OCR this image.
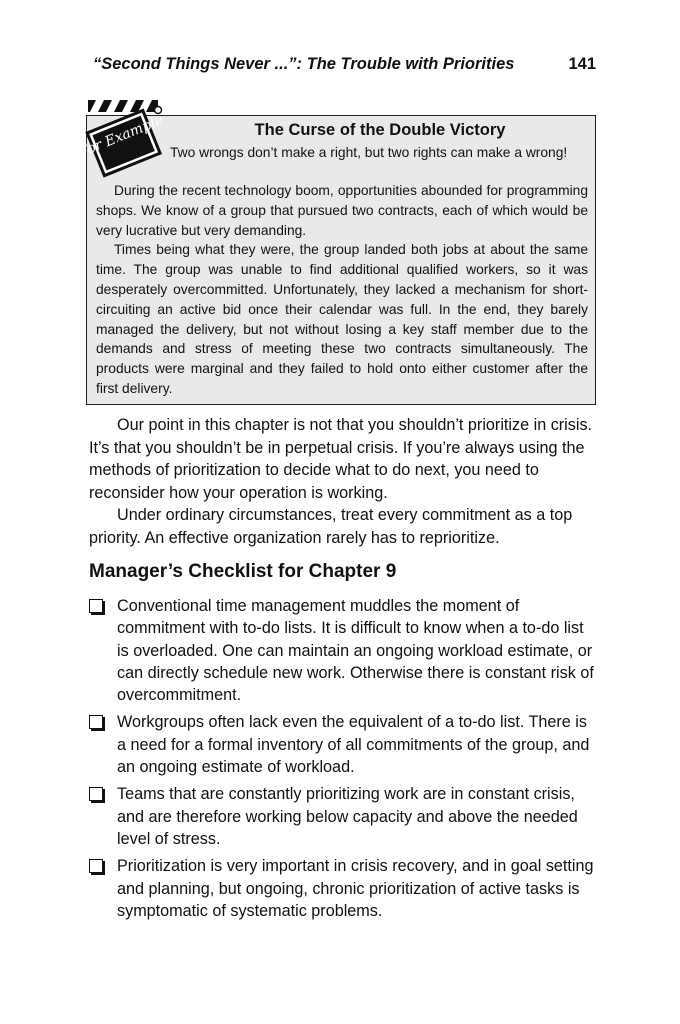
“Second Things Never ...”: The Trouble with Priorities	141
For Example	The Curse of the Double Victory
Two wrongs don’t make a right, but two rights can make a wrong!

During the recent technology boom, opportunities abounded for programming shops. We know of a group that pursued two contracts, each of which would be very lucrative but very demanding.

Times being what they were, the group landed both jobs at about the same time. The group was unable to find additional qualified workers, so it was desperately overcommitted. Unfortunately, they lacked a mechanism for short-circuiting an active bid once their calendar was full. In the end, they barely managed the delivery, but not without losing a key staff member due to the demands and stress of meeting these two contracts simultaneously. The products were marginal and they failed to hold onto either customer after the first delivery.

Our point in this chapter is not that you shouldn’t prioritize in crisis. It’s that you shouldn’t be in perpetual crisis. If you’re always using the methods of prioritization to decide what to do next, you need to reconsider how your operation is working.

Under ordinary circumstances, treat every commitment as a top priority. An effective organization rarely has to reprioritize.

Manager’s Checklist for Chapter 9
Conventional time management muddles the moment of commitment with to-do lists. It is difficult to know when a to-do list is overloaded. One can maintain an ongoing workload estimate, or can directly schedule new work. Otherwise there is constant risk of overcommitment.
Workgroups often lack even the equivalent of a to-do list. There is a need for a formal inventory of all commitments of the group, and an ongoing estimate of workload.
Teams that are constantly prioritizing work are in constant crisis, and are therefore working below capacity and above the needed level of stress.
Prioritization is very important in crisis recovery, and in goal setting and planning, but ongoing, chronic prioritization of active tasks is symptomatic of systematic problems.
